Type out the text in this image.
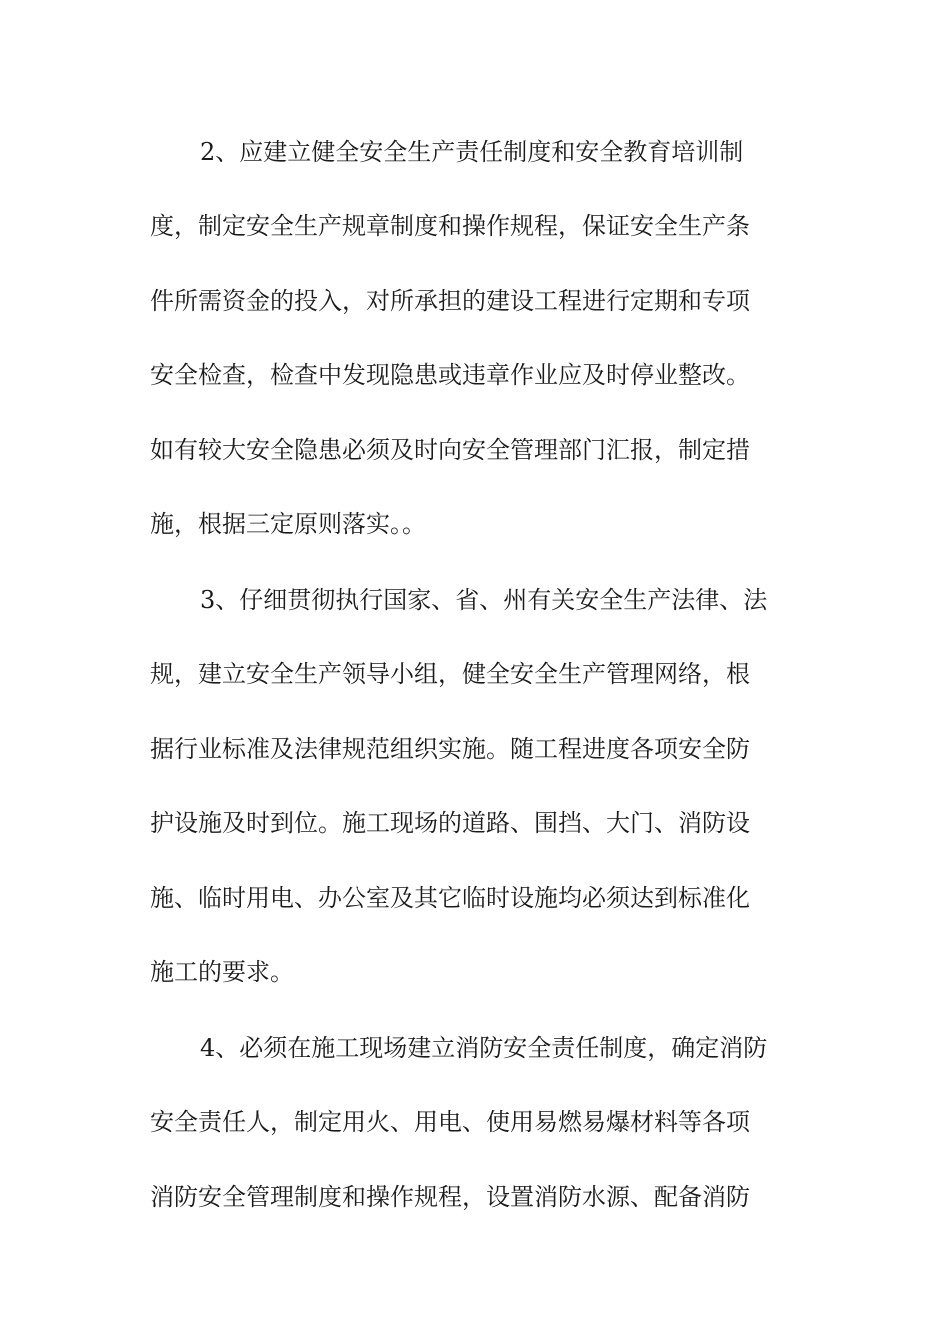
2、应建立健全安全生产责任制度和安全教育培训制
度，制定安全生产规章制度和操作规程，保证安全生产条
件所需资金的投入，对所承担的建设工程进行定期和专项
安全检查，检查中发现隐患或违章作业应及时停业整改。
如有较大安全隐患必须及时向安全管理部门汇报，制定措
施，根据三定原则落实。。
3、仔细贯彻执行国家、省、州有关安全生产法律、法
规，建立安全生产领导小组，健全安全生产管理网络，根
据行业标准及法律规范组织实施。随工程进度各项安全防
护设施及时到位。施工现场的道路、围挡、大门、消防设
施、临时用电、办公室及其它临时设施均必须达到标准化
施工的要求。
4、必须在施工现场建立消防安全责任制度，确定消防
安全责任人，制定用火、用电、使用易燃易爆材料等各项
消防安全管理制度和操作规程，设置消防水源、配备消防
